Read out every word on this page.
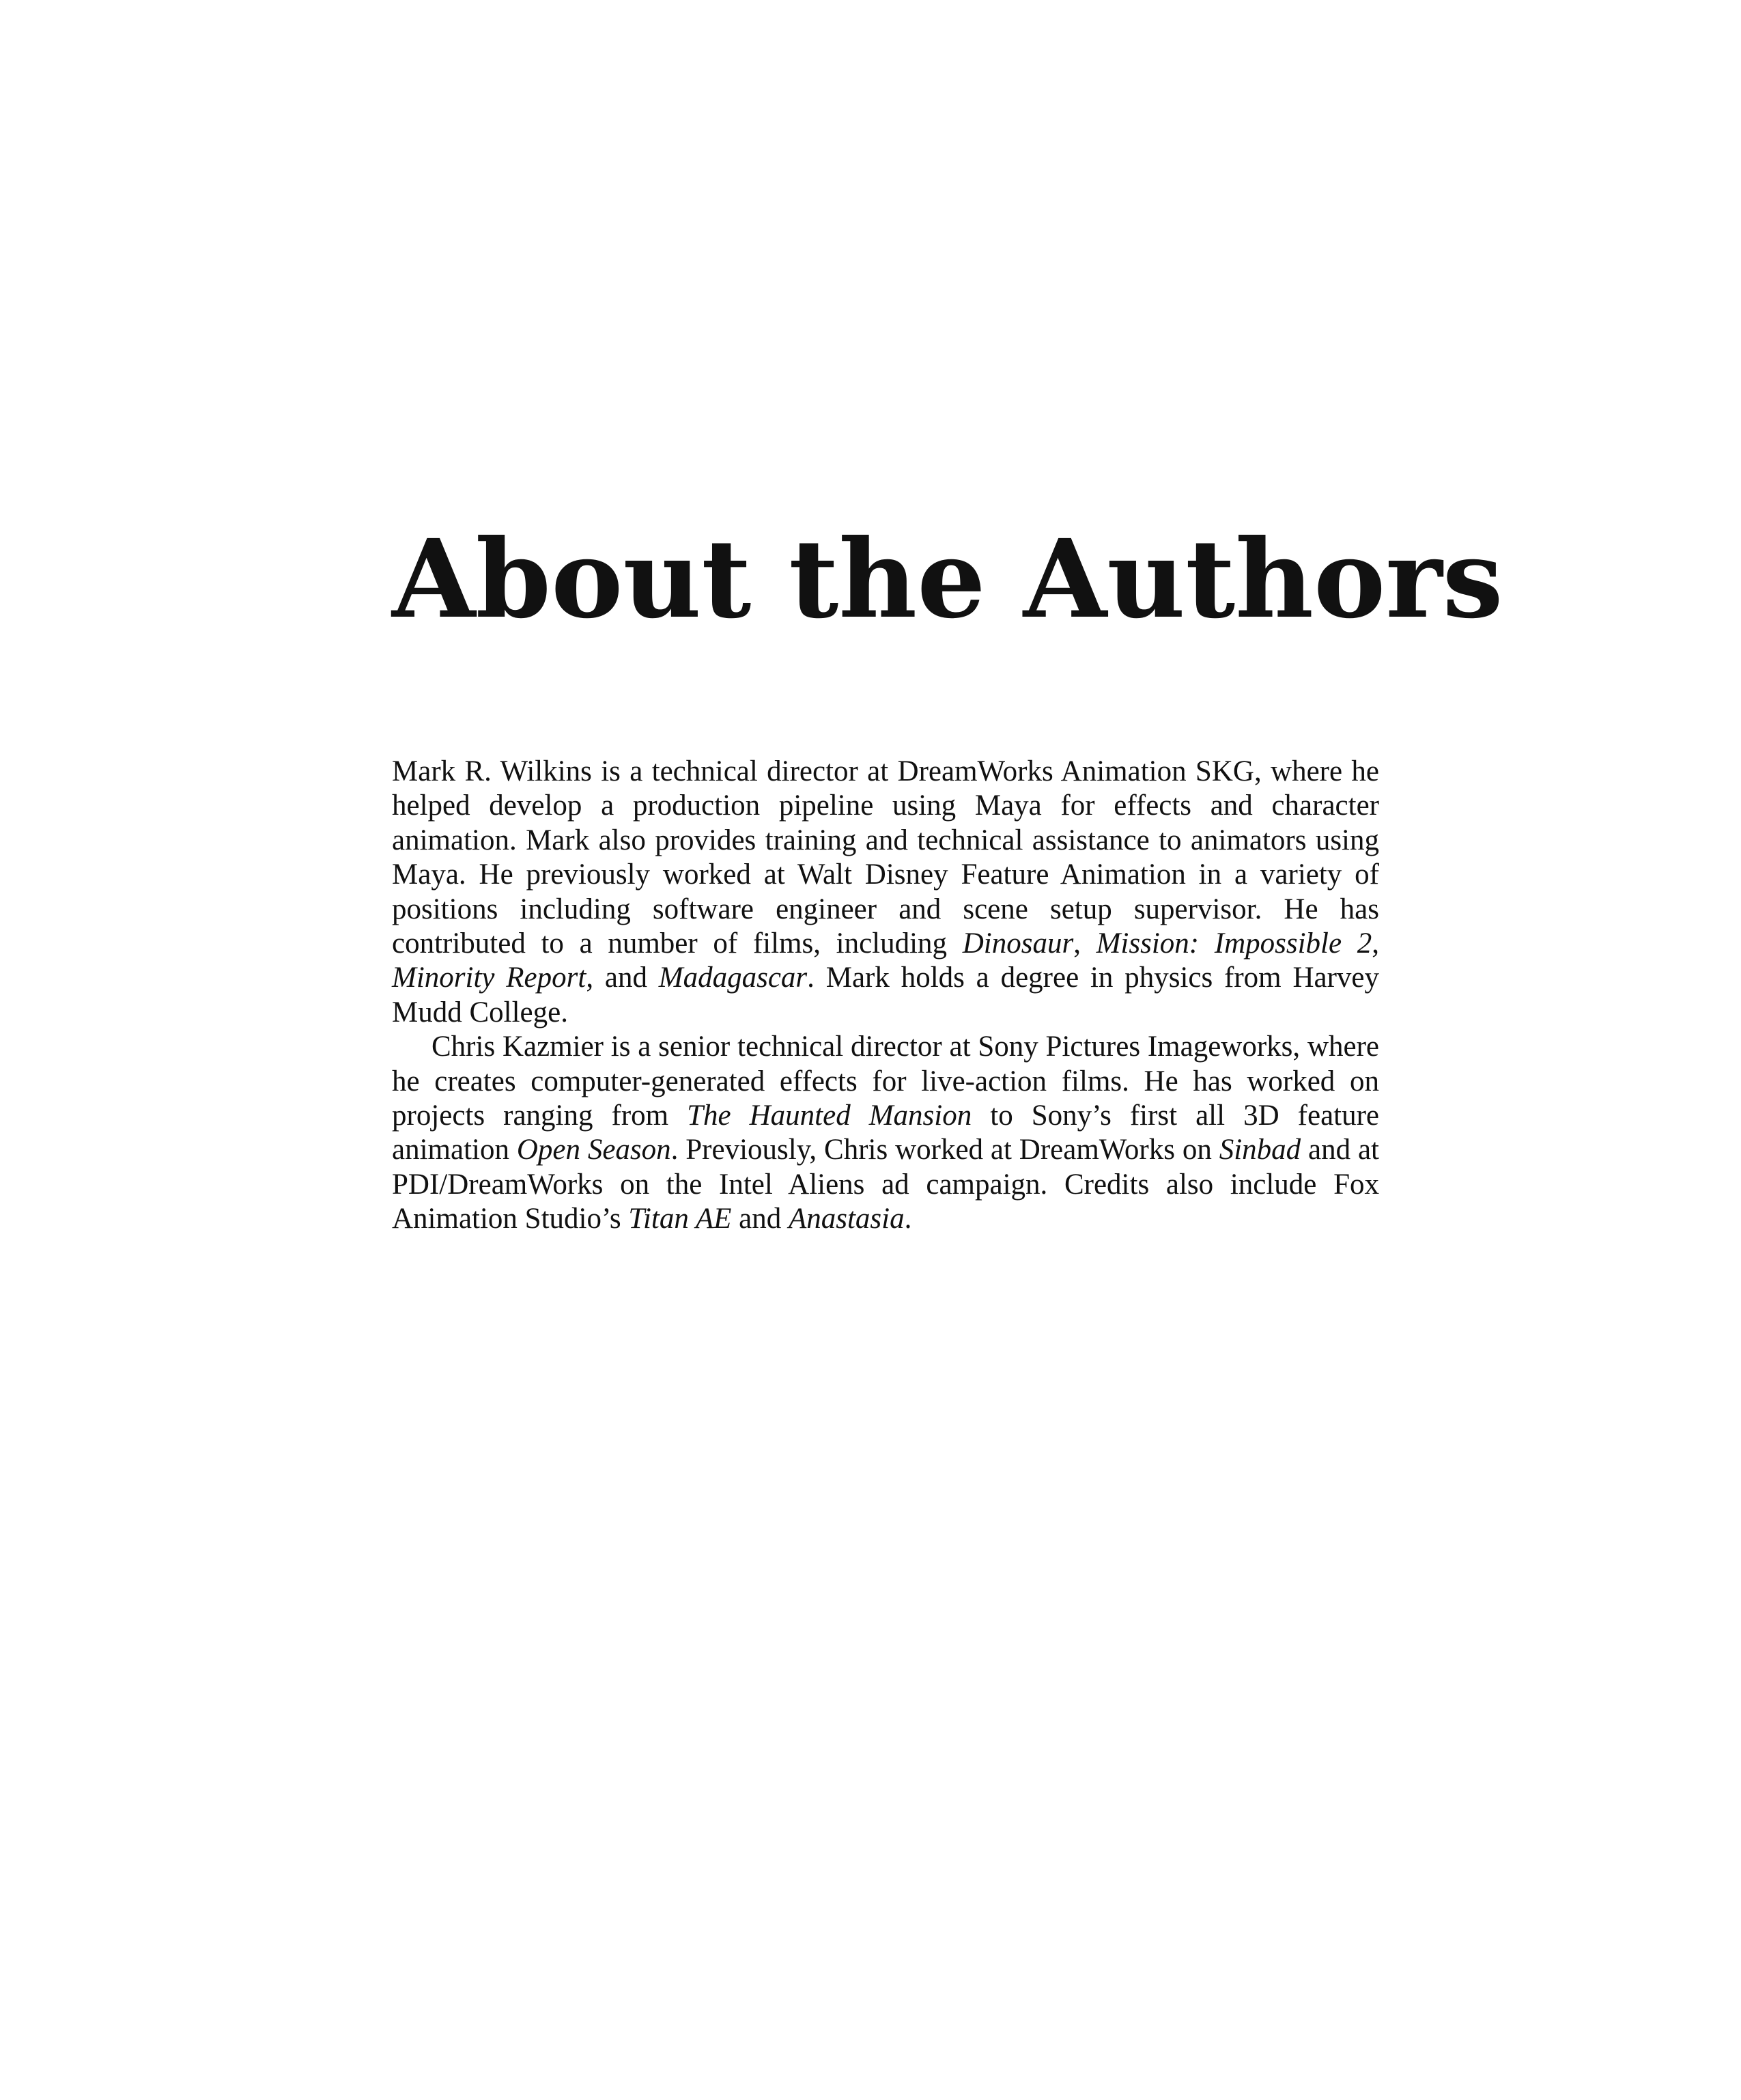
About the Authors

Mark R. Wilkins is a technical director at DreamWorks Animation SKG, where he helped develop a production pipeline using Maya for effects and character animation. Mark also provides training and technical assistance to animators using Maya. He previously worked at Walt Disney Feature Animation in a variety of positions including software engineer and scene setup supervisor. He has contributed to a number of films, including Dinosaur, Mission: Impossible 2, Minority Report, and Madagascar. Mark holds a degree in physics from Harvey Mudd College.

Chris Kazmier is a senior technical director at Sony Pictures Imageworks, where he creates computer-generated effects for live-action films. He has worked on projects ranging from The Haunted Mansion to Sony’s first all 3D feature animation Open Season. Previously, Chris worked at DreamWorks on Sinbad and at PDI/DreamWorks on the Intel Aliens ad campaign. Credits also include Fox Animation Studio’s Titan AE and Anastasia.
